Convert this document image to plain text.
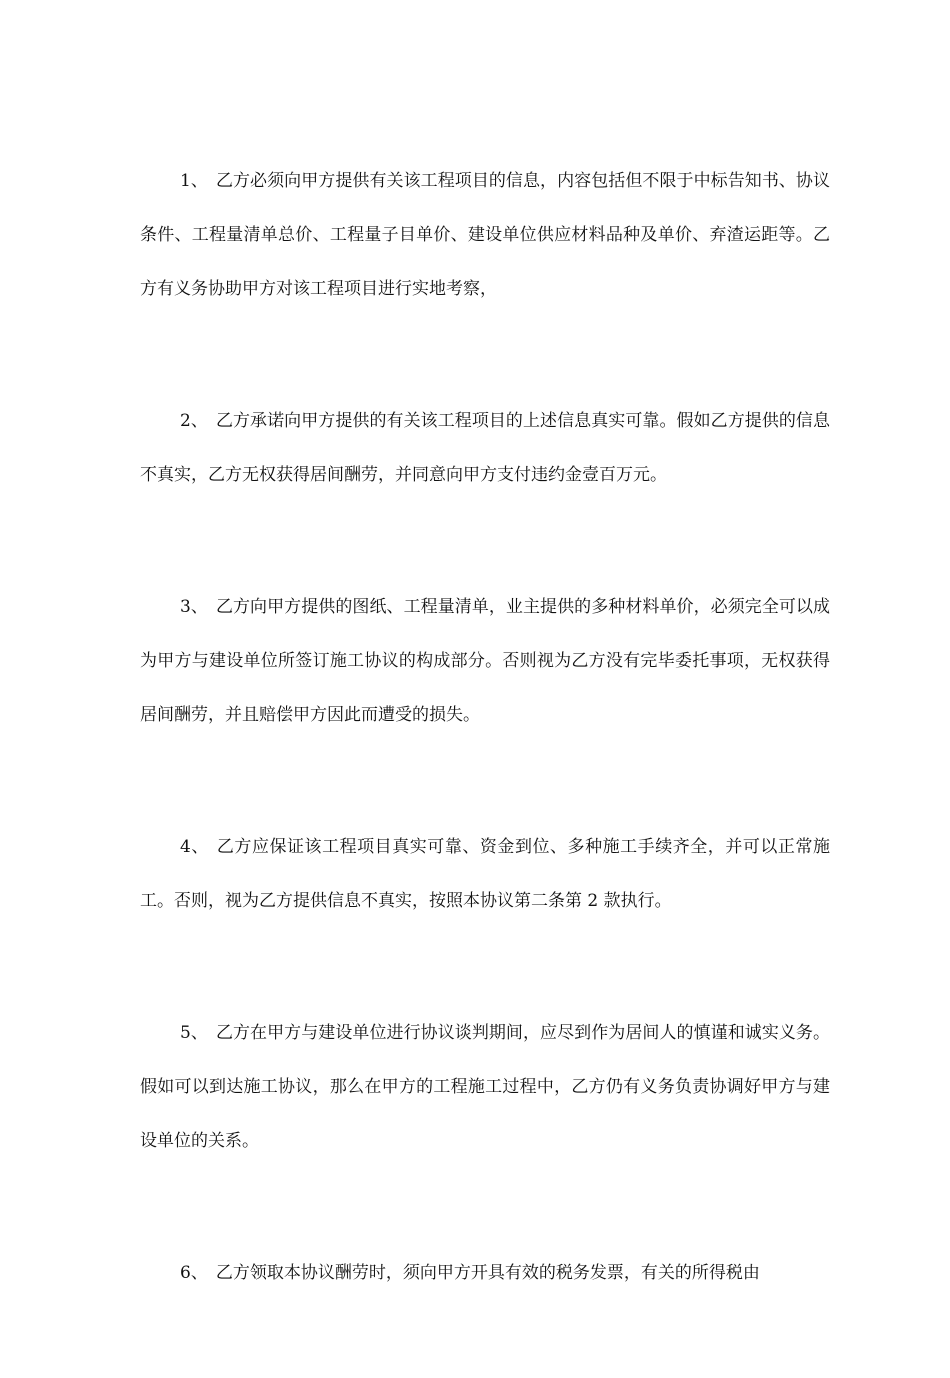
1、 乙方必须向甲方提供有关该工程项目的信息，内容包括但不限于中标告知书、协议条件、工程量清单总价、工程量子目单价、建设单位供应材料品种及单价、弃渣运距等。乙方有义务协助甲方对该工程项目进行实地考察，

2、 乙方承诺向甲方提供的有关该工程项目的上述信息真实可靠。假如乙方提供的信息不真实，乙方无权获得居间酬劳，并同意向甲方支付违约金壹百万元。

3、 乙方向甲方提供的图纸、工程量清单，业主提供的多种材料单价，必须完全可以成为甲方与建设单位所签订施工协议的构成部分。否则视为乙方没有完毕委托事项，无权获得居间酬劳，并且赔偿甲方因此而遭受的损失。

4、 乙方应保证该工程项目真实可靠、资金到位、多种施工手续齐全，并可以正常施工。否则，视为乙方提供信息不真实，按照本协议第二条第 2 款执行。

5、 乙方在甲方与建设单位进行协议谈判期间，应尽到作为居间人的慎谨和诚实义务。假如可以到达施工协议，那么在甲方的工程施工过程中，乙方仍有义务负责协调好甲方与建设单位的关系。

6、 乙方领取本协议酬劳时，须向甲方开具有效的税务发票，有关的所得税由
